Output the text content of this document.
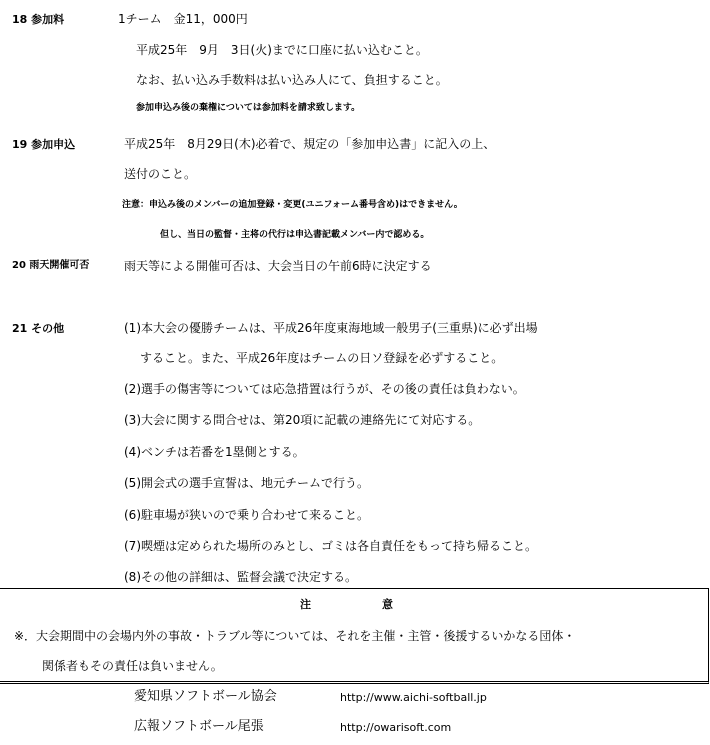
18 参加料	1チーム　金11，000円
平成25年　9月　3日(火)までに口座に払い込むこと。
なお、払い込み手数料は払い込み人にて、負担すること。
参加申込み後の棄権については参加料を請求致します。
19 参加申込	平成25年　8月29日(木)必着で、規定の「参加申込書」に記入の上、
送付のこと。
注意：申込み後のメンバーの追加登録・変更(ユニフォーム番号含め)はできません。
但し、当日の監督・主将の代行は申込書記載メンバー内で認める。
20 雨天開催可否	雨天等による開催可否は、大会当日の午前6時に決定する
21 その他	(1)本大会の優勝チームは、平成26年度東海地域一般男子(三重県)に必ず出場
すること。また、平成26年度はチームの日ソ登録を必ずすること。
(2)選手の傷害等については応急措置は行うが、その後の責任は負わない。
(3)大会に関する問合せは、第20項に記載の連絡先にて対応する。
(4)ベンチは若番を1塁側とする。
(5)開会式の選手宣誓は、地元チームで行う。
(6)駐車場が狭いので乗り合わせて来ること。
(7)喫煙は定められた場所のみとし、ゴミは各自責任をもって持ち帰ること。
(8)その他の詳細は、監督会議で決定する。
注	意
※．大会期間中の会場内外の事故・トラブル等については、それを主催・主管・後援するいかなる団体・
関係者もその責任は負いません。
愛知県ソフトボール協会	http://www.aichi-softball.jp
広報ソフトボール尾張	http://owarisoft.com
